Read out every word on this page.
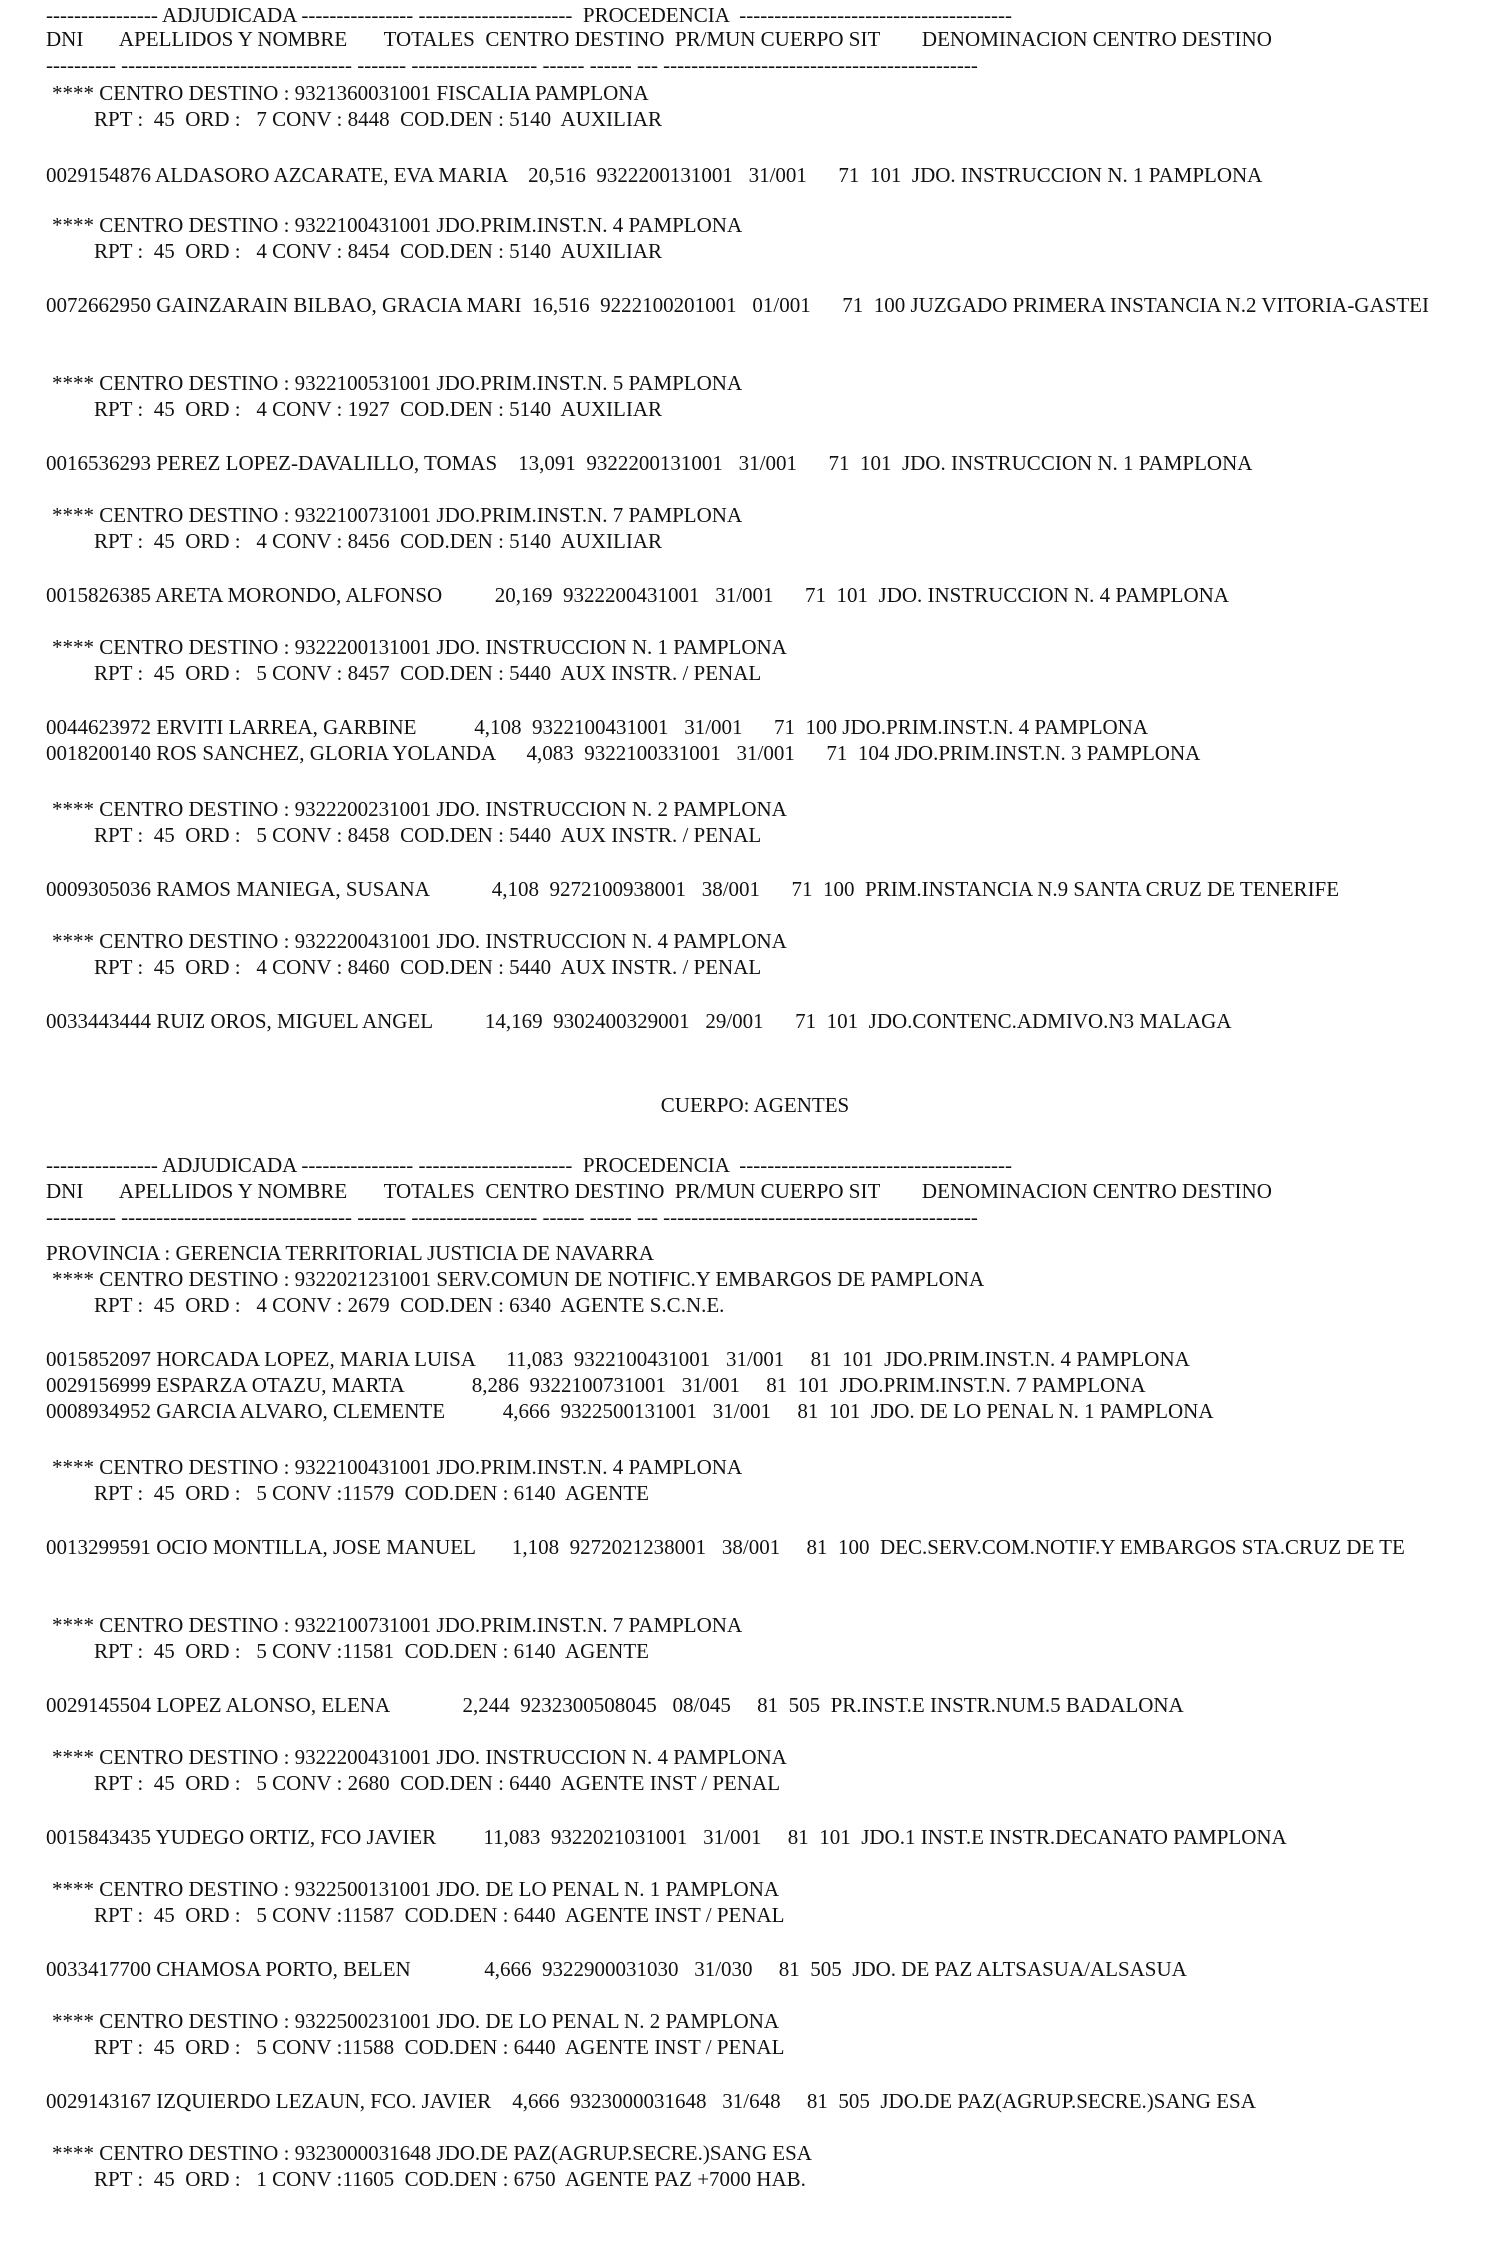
---------------- ADJUDICADA ---------------- ----------------------  PROCEDENCIA  ---------------------------------------
DNI       APELLIDOS Y NOMBRE       TOTALES  CENTRO DESTINO  PR/MUN CUERPO SIT        DENOMINACION CENTRO DESTINO
---------- --------------------------------- ------- ------------------ ------ ------ --- ---------------------------------------------
**** CENTRO DESTINO : 9321360031001 FISCALIA PAMPLONA
RPT :  45  ORD :   7 CONV : 8448  COD.DEN : 5140  AUXILIAR
0029154876 ALDASORO AZCARATE, EVA MARIA    20,516  9322200131001   31/001      71  101  JDO. INSTRUCCION N. 1 PAMPLONA
**** CENTRO DESTINO : 9322100431001 JDO.PRIM.INST.N. 4 PAMPLONA
RPT :  45  ORD :   4 CONV : 8454  COD.DEN : 5140  AUXILIAR
0072662950 GAINZARAIN BILBAO, GRACIA MARI  16,516  9222100201001   01/001      71  100 JUZGADO PRIMERA INSTANCIA N.2 VITORIA-GASTEI
**** CENTRO DESTINO : 9322100531001 JDO.PRIM.INST.N. 5 PAMPLONA
RPT :  45  ORD :   4 CONV : 1927  COD.DEN : 5140  AUXILIAR
0016536293 PEREZ LOPEZ-DAVALILLO, TOMAS    13,091  9322200131001   31/001      71  101  JDO. INSTRUCCION N. 1 PAMPLONA
**** CENTRO DESTINO : 9322100731001 JDO.PRIM.INST.N. 7 PAMPLONA
RPT :  45  ORD :   4 CONV : 8456  COD.DEN : 5140  AUXILIAR
0015826385 ARETA MORONDO, ALFONSO          20,169  9322200431001   31/001      71  101  JDO. INSTRUCCION N. 4 PAMPLONA
**** CENTRO DESTINO : 9322200131001 JDO. INSTRUCCION N. 1 PAMPLONA
RPT :  45  ORD :   5 CONV : 8457  COD.DEN : 5440  AUX INSTR. / PENAL
0044623972 ERVITI LARREA, GARBINE           4,108  9322100431001   31/001      71  100 JDO.PRIM.INST.N. 4 PAMPLONA
0018200140 ROS SANCHEZ, GLORIA YOLANDA      4,083  9322100331001   31/001      71  104 JDO.PRIM.INST.N. 3 PAMPLONA
**** CENTRO DESTINO : 9322200231001 JDO. INSTRUCCION N. 2 PAMPLONA
RPT :  45  ORD :   5 CONV : 8458  COD.DEN : 5440  AUX INSTR. / PENAL
0009305036 RAMOS MANIEGA, SUSANA            4,108  9272100938001   38/001      71  100  PRIM.INSTANCIA N.9 SANTA CRUZ DE TENERIFE
**** CENTRO DESTINO : 9322200431001 JDO. INSTRUCCION N. 4 PAMPLONA
RPT :  45  ORD :   4 CONV : 8460  COD.DEN : 5440  AUX INSTR. / PENAL
0033443444 RUIZ OROS, MIGUEL ANGEL          14,169  9302400329001   29/001      71  101  JDO.CONTENC.ADMIVO.N3 MALAGA
CUERPO: AGENTES
---------------- ADJUDICADA ---------------- ----------------------  PROCEDENCIA  ---------------------------------------
DNI       APELLIDOS Y NOMBRE       TOTALES  CENTRO DESTINO  PR/MUN CUERPO SIT        DENOMINACION CENTRO DESTINO
---------- --------------------------------- ------- ------------------ ------ ------ --- ---------------------------------------------
PROVINCIA : GERENCIA TERRITORIAL JUSTICIA DE NAVARRA
**** CENTRO DESTINO : 9322021231001 SERV.COMUN DE NOTIFIC.Y EMBARGOS DE PAMPLONA
RPT :  45  ORD :   4 CONV : 2679  COD.DEN : 6340  AGENTE S.C.N.E.
0015852097 HORCADA LOPEZ, MARIA LUISA      11,083  9322100431001   31/001     81  101  JDO.PRIM.INST.N. 4 PAMPLONA
0029156999 ESPARZA OTAZU, MARTA             8,286  9322100731001   31/001     81  101  JDO.PRIM.INST.N. 7 PAMPLONA
0008934952 GARCIA ALVARO, CLEMENTE           4,666  9322500131001   31/001     81  101  JDO. DE LO PENAL N. 1 PAMPLONA
**** CENTRO DESTINO : 9322100431001 JDO.PRIM.INST.N. 4 PAMPLONA
RPT :  45  ORD :   5 CONV :11579  COD.DEN : 6140  AGENTE
0013299591 OCIO MONTILLA, JOSE MANUEL       1,108  9272021238001   38/001     81  100  DEC.SERV.COM.NOTIF.Y EMBARGOS STA.CRUZ DE TE
**** CENTRO DESTINO : 9322100731001 JDO.PRIM.INST.N. 7 PAMPLONA
RPT :  45  ORD :   5 CONV :11581  COD.DEN : 6140  AGENTE
0029145504 LOPEZ ALONSO, ELENA              2,244  9232300508045   08/045     81  505  PR.INST.E INSTR.NUM.5 BADALONA
**** CENTRO DESTINO : 9322200431001 JDO. INSTRUCCION N. 4 PAMPLONA
RPT :  45  ORD :   5 CONV : 2680  COD.DEN : 6440  AGENTE INST / PENAL
0015843435 YUDEGO ORTIZ, FCO JAVIER         11,083  9322021031001   31/001     81  101  JDO.1 INST.E INSTR.DECANATO PAMPLONA
**** CENTRO DESTINO : 9322500131001 JDO. DE LO PENAL N. 1 PAMPLONA
RPT :  45  ORD :   5 CONV :11587  COD.DEN : 6440  AGENTE INST / PENAL
0033417700 CHAMOSA PORTO, BELEN              4,666  9322900031030   31/030     81  505  JDO. DE PAZ ALTSASUA/ALSASUA
**** CENTRO DESTINO : 9322500231001 JDO. DE LO PENAL N. 2 PAMPLONA
RPT :  45  ORD :   5 CONV :11588  COD.DEN : 6440  AGENTE INST / PENAL
0029143167 IZQUIERDO LEZAUN, FCO. JAVIER    4,666  9323000031648   31/648     81  505  JDO.DE PAZ(AGRUP.SECRE.)SANG ESA
**** CENTRO DESTINO : 9323000031648 JDO.DE PAZ(AGRUP.SECRE.)SANG ESA
RPT :  45  ORD :   1 CONV :11605  COD.DEN : 6750  AGENTE PAZ +7000 HAB.
